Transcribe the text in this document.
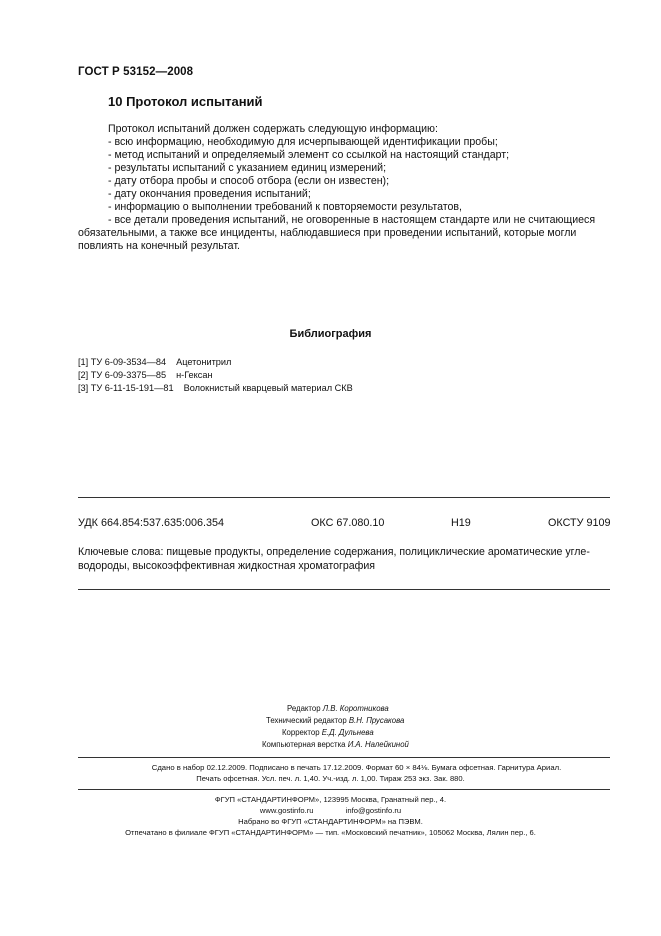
ГОСТ Р 53152—2008
10 Протокол испытаний
Протокол испытаний должен содержать следующую информацию:
- всю информацию, необходимую для исчерпывающей идентификации пробы;
- метод испытаний и определяемый элемент со ссылкой на настоящий стандарт;
- результаты испытаний с указанием единиц измерений;
- дату отбора пробы и способ отбора (если он известен);
- дату окончания проведения испытаний;
- информацию о выполнении требований к повторяемости результатов,
- все детали проведения испытаний, не оговоренные в настоящем стандарте или не считающиеся
обязательными, а также все инциденты, наблюдавшиеся при проведении испытаний, которые могли
повлиять на конечный результат.
Библиография
[1] ТУ 6-09-3534—84 Ацетонитрил
[2] ТУ 6-09-3375—85 н-Гексан
[3] ТУ 6-11-15-191—81 Волокнистый кварцевый материал СКВ
УДК 664.854:537.635:006.354	ОКС 67.080.10	Н19	ОКСТУ 9109
Ключевые слова: пищевые продукты, определение содержания, полициклические ароматические угле-
водороды, высокоэффективная жидкостная хроматография
Редактор Л.В. Коротникова
Технический редактор В.Н. Прусакова
Корректор Е.Д. Дульнева
Компьютерная верстка И.А. Налейкиной
Сдано в набор 02.12.2009. Подписано в печать 17.12.2009. Формат 60 × 84⅛. Бумага офсетная. Гарнитура Ариал.
Печать офсетная. Усл. печ. л. 1,40. Уч.-изд. л. 1,00. Тираж 253 экз. Зак. 880.
ФГУП «СТАНДАРТИНФОРМ», 123995 Москва, Гранатный пер., 4.
www.gostinfo.ru	info@gostinfo.ru
Набрано во ФГУП «СТАНДАРТИНФОРМ» на ПЭВМ.
Отпечатано в филиале ФГУП «СТАНДАРТИНФОРМ» — тип. «Московский печатник», 105062 Москва, Лялин пер., 6.
